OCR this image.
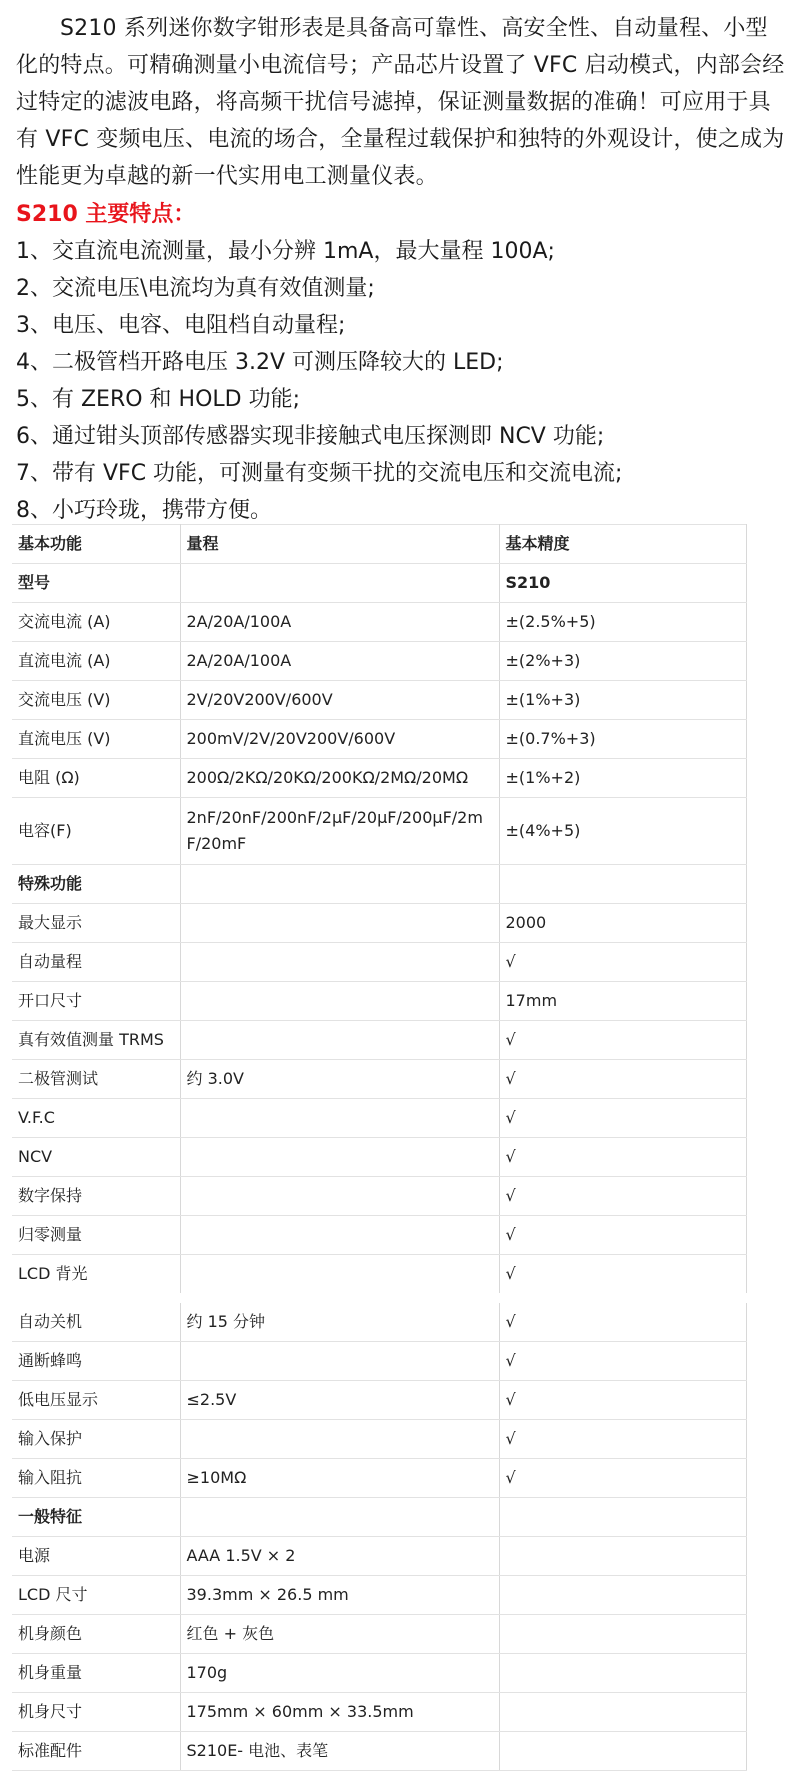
S210 系列迷你数字钳形表是具备高可靠性、高安全性、自动量程、小型化的特点。可精确测量小电流信号；产品芯片设置了 VFC 启动模式，内部会经过特定的滤波电路，将高频干扰信号滤掉，保证测量数据的准确！可应用于具有 VFC 变频电压、电流的场合，全量程过载保护和独特的外观设计，使之成为性能更为卓越的新一代实用电工测量仪表。

S210 主要特点：

1、交直流电流测量，最小分辨 1mA，最大量程 100A;
2、交流电压\电流均为真有效值测量;
3、电压、电容、电阻档自动量程;
4、二极管档开路电压 3.2V 可测压降较大的 LED;
5、有 ZERO 和 HOLD 功能;
6、通过钳头顶部传感器实现非接触式电压探测即 NCV 功能;
7、带有 VFC 功能，可测量有变频干扰的交流电压和交流电流;
8、小巧玲珑，携带方便。
基本功能	量程	基本精度
型号		S210
交流电流 (A)	2A/20A/100A	±(2.5%+5)
直流电流 (A)	2A/20A/100A	±(2%+3)
交流电压 (V)	2V/20V200V/600V	±(1%+3)
直流电压 (V)	200mV/2V/20V200V/600V	±(0.7%+3)
电阻 (Ω)	200Ω/2KΩ/20KΩ/200KΩ/2MΩ/20MΩ	±(1%+2)
电容(F)	2nF/20nF/200nF/2μF/20μF/200μF/2mF/20mF	±(4%+5)
特殊功能		
最大显示		2000
自动量程		√
开口尺寸		17mm
真有效值测量 TRMS		√
二极管测试	约 3.0V	√
V.F.C		√
NCV		√
数字保持		√
归零测量		√
LCD 背光		√
自动关机	约 15 分钟	√
通断蜂鸣		√
低电压显示	≤2.5V	√
输入保护		√
输入阻抗	≥10MΩ	√
一般特征		
电源	AAA 1.5V × 2	
LCD 尺寸	39.3mm × 26.5 mm	
机身颜色	红色 + 灰色	
机身重量	170g	
机身尺寸	175mm × 60mm × 33.5mm	
标准配件	S210E- 电池、表笔	
